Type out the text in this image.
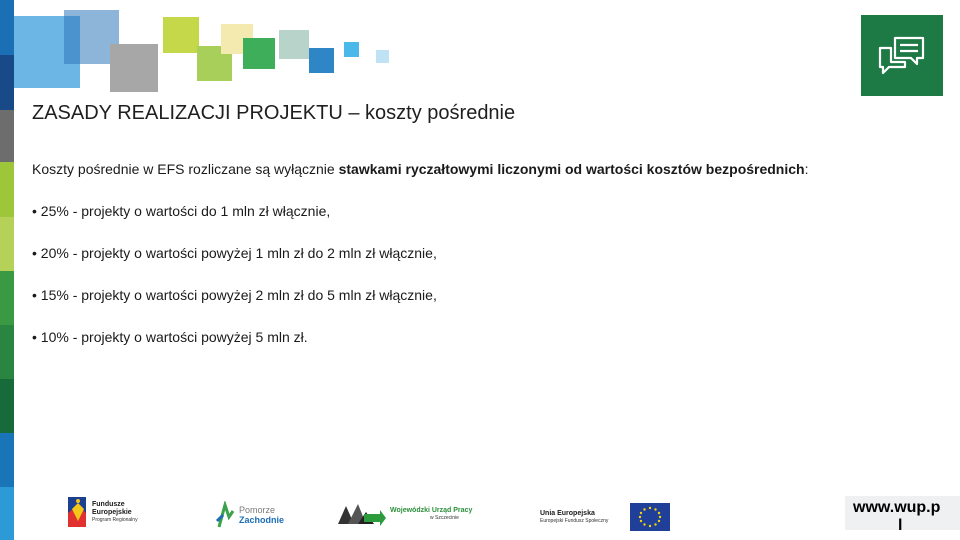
ZASADY REALIZACJI PROJEKTU – koszty pośrednie
Koszty pośrednie w EFS rozliczane są wyłącznie stawkami ryczałtowymi liczonymi od wartości kosztów bezpośrednich:
• 25% - projekty o wartości do 1 mln zł włącznie,
• 20% - projekty o wartości powyżej 1 mln zł do 2 mln zł włącznie,
• 15% - projekty o wartości powyżej 2 mln zł do 5 mln zł włącznie,
• 10% - projekty o wartości powyżej 5 mln zł.
Fundusze
Europejskie
Program Regionalny
Pomorze
Zachodnie
Wojewódzki Urząd Pracy
w Szczecinie
Unia Europejska
Europejski Fundusz Społeczny
www.wup.p
l
